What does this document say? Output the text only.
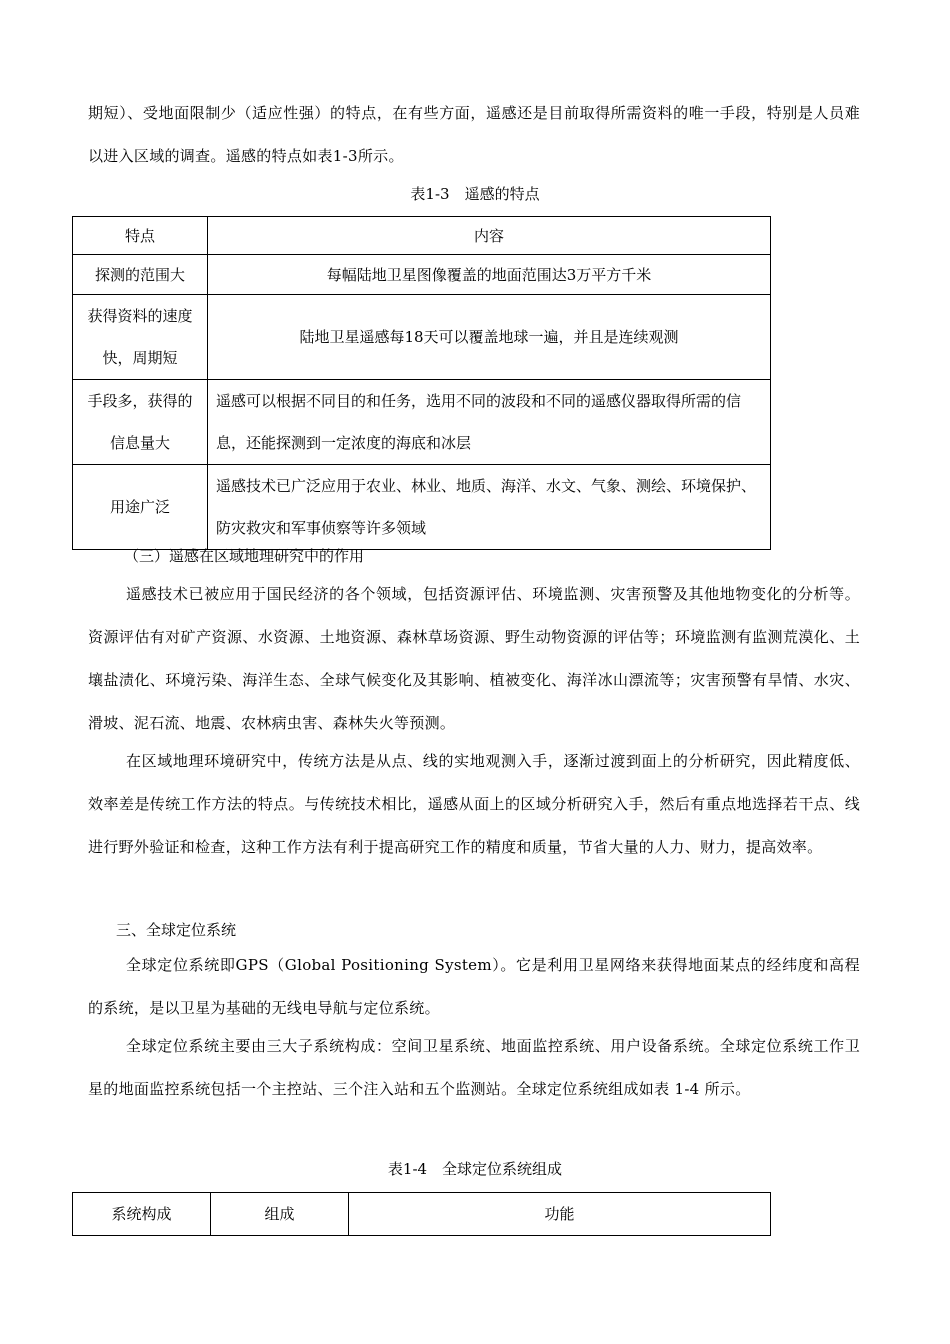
期短）、受地面限制少（适应性强）的特点，在有些方面，遥感还是目前取得所需资料的唯一手段，特别是人员难以进入区域的调查。遥感的特点如表1-3所示。

表1-3　遥感的特点

特点	内容
探测的范围大	每幅陆地卫星图像覆盖的地面范围达3万平方千米
获得资料的速度快，周期短	陆地卫星遥感每18天可以覆盖地球一遍，并且是连续观测
手段多，获得的信息量大	遥感可以根据不同目的和任务，选用不同的波段和不同的遥感仪器取得所需的信息，还能探测到一定浓度的海底和冰层
用途广泛	遥感技术已广泛应用于农业、林业、地质、海洋、水文、气象、测绘、环境保护、防灾救灾和军事侦察等许多领域

（三）遥感在区域地理研究中的作用

遥感技术已被应用于国民经济的各个领域，包括资源评估、环境监测、灾害预警及其他地物变化的分析等。资源评估有对矿产资源、水资源、土地资源、森林草场资源、野生动物资源的评估等；环境监测有监测荒漠化、土壤盐渍化、环境污染、海洋生态、全球气候变化及其影响、植被变化、海洋冰山漂流等；灾害预警有旱情、水灾、滑坡、泥石流、地震、农林病虫害、森林失火等预测。

在区域地理环境研究中，传统方法是从点、线的实地观测入手，逐渐过渡到面上的分析研究，因此精度低、效率差是传统工作方法的特点。与传统技术相比，遥感从面上的区域分析研究入手，然后有重点地选择若干点、线进行野外验证和检查，这种工作方法有利于提高研究工作的精度和质量，节省大量的人力、财力，提高效率。

三、全球定位系统

全球定位系统即GPS（Global Positioning System）。它是利用卫星网络来获得地面某点的经纬度和高程的系统，是以卫星为基础的无线电导航与定位系统。

全球定位系统主要由三大子系统构成：空间卫星系统、地面监控系统、用户设备系统。全球定位系统工作卫星的地面监控系统包括一个主控站、三个注入站和五个监测站。全球定位系统组成如表 1-4 所示。

表1-4　全球定位系统组成

系统构成	组成	功能
